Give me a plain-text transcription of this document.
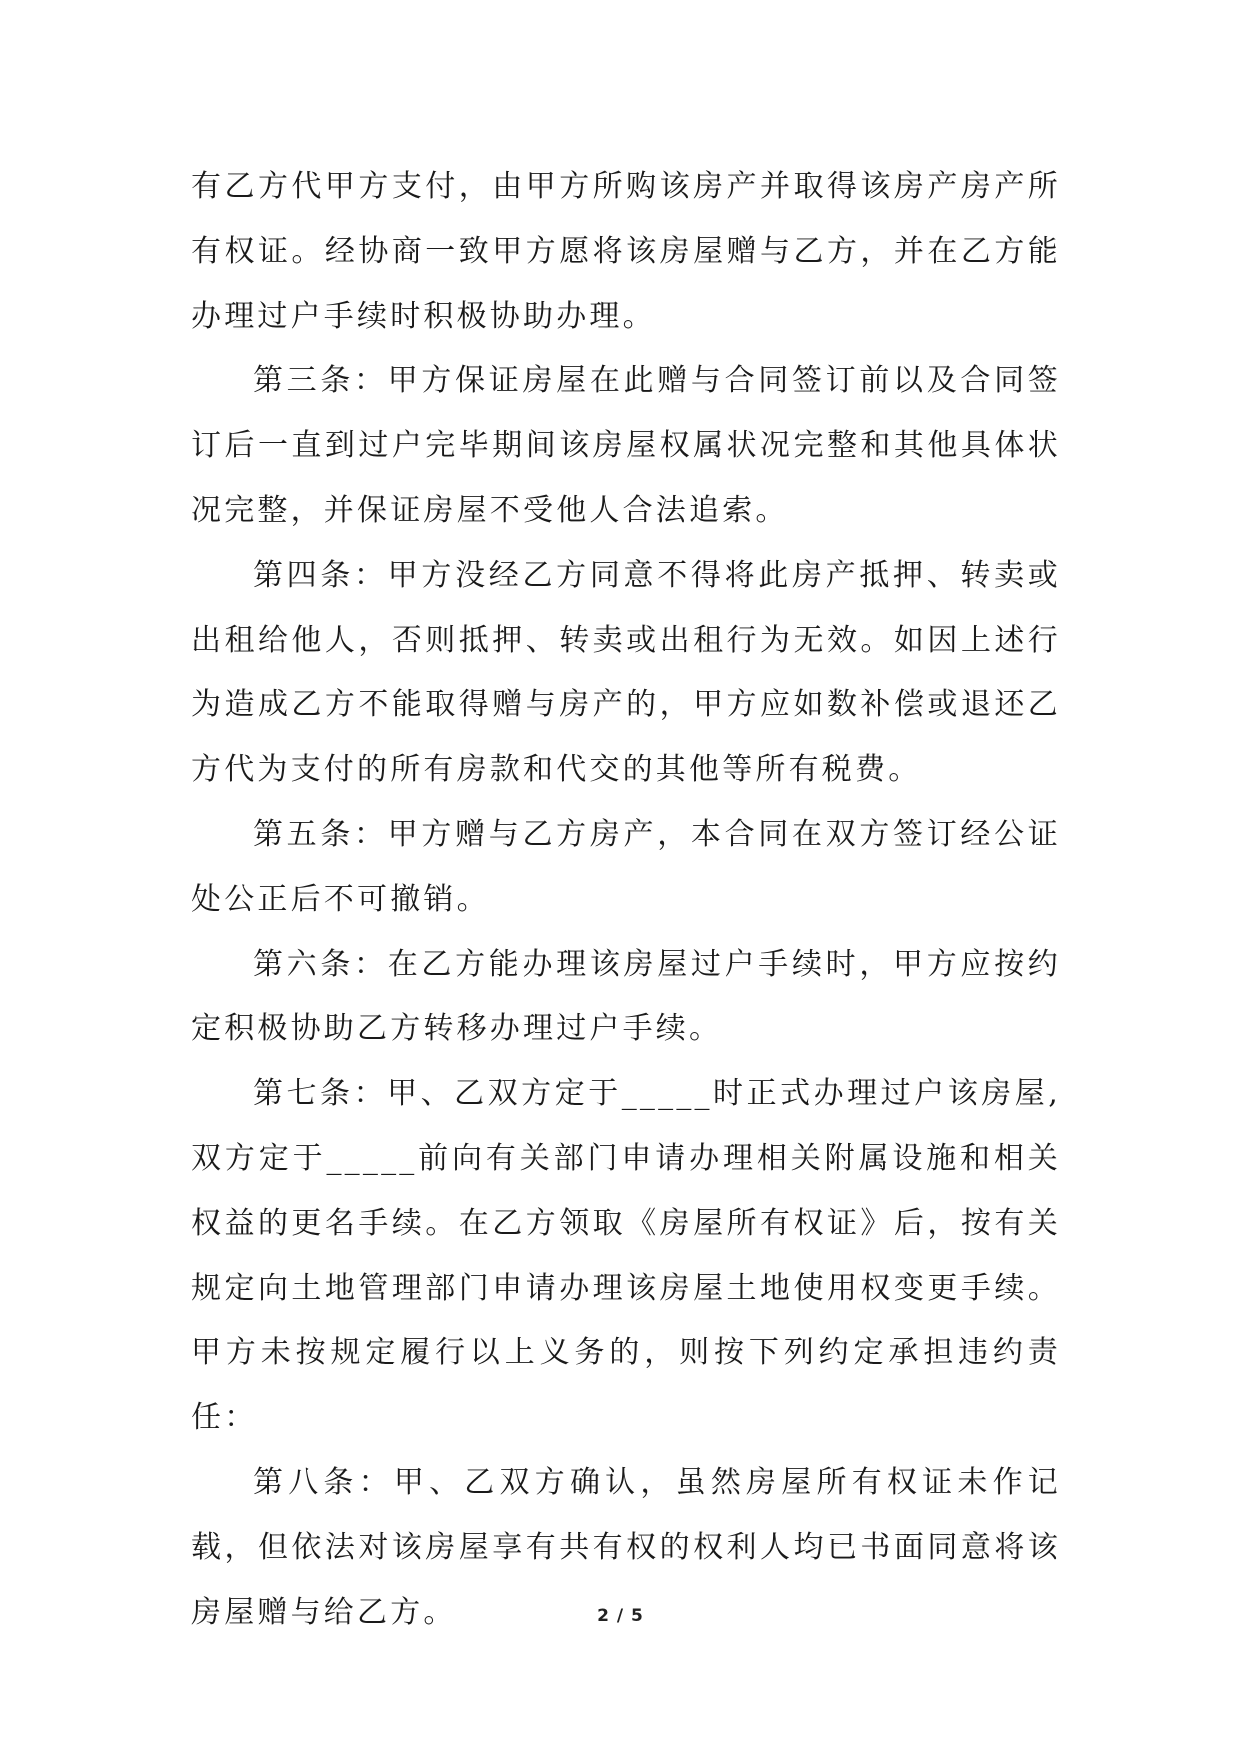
有乙方代甲方支付，由甲方所购该房产并取得该房产房产所有权证。经协商一致甲方愿将该房屋赠与乙方，并在乙方能办理过户手续时积极协助办理。

第三条：甲方保证房屋在此赠与合同签订前以及合同签订后一直到过户完毕期间该房屋权属状况完整和其他具体状况完整，并保证房屋不受他人合法追索。

第四条：甲方没经乙方同意不得将此房产抵押、转卖或出租给他人，否则抵押、转卖或出租行为无效。如因上述行为造成乙方不能取得赠与房产的，甲方应如数补偿或退还乙方代为支付的所有房款和代交的其他等所有税费。

第五条：甲方赠与乙方房产，本合同在双方签订经公证处公正后不可撤销。

第六条：在乙方能办理该房屋过户手续时，甲方应按约定积极协助乙方转移办理过户手续。

第七条：甲、乙双方定于_____时正式办理过户该房屋,双方定于_____前向有关部门申请办理相关附属设施和相关权益的更名手续。在乙方领取《房屋所有权证》后，按有关规定向土地管理部门申请办理该房屋土地使用权变更手续。甲方未按规定履行以上义务的，则按下列约定承担违约责任：

第八条：甲、乙双方确认，虽然房屋所有权证未作记载，但依法对该房屋享有共有权的权利人均已书面同意将该房屋赠与给乙方。	2 / 5
